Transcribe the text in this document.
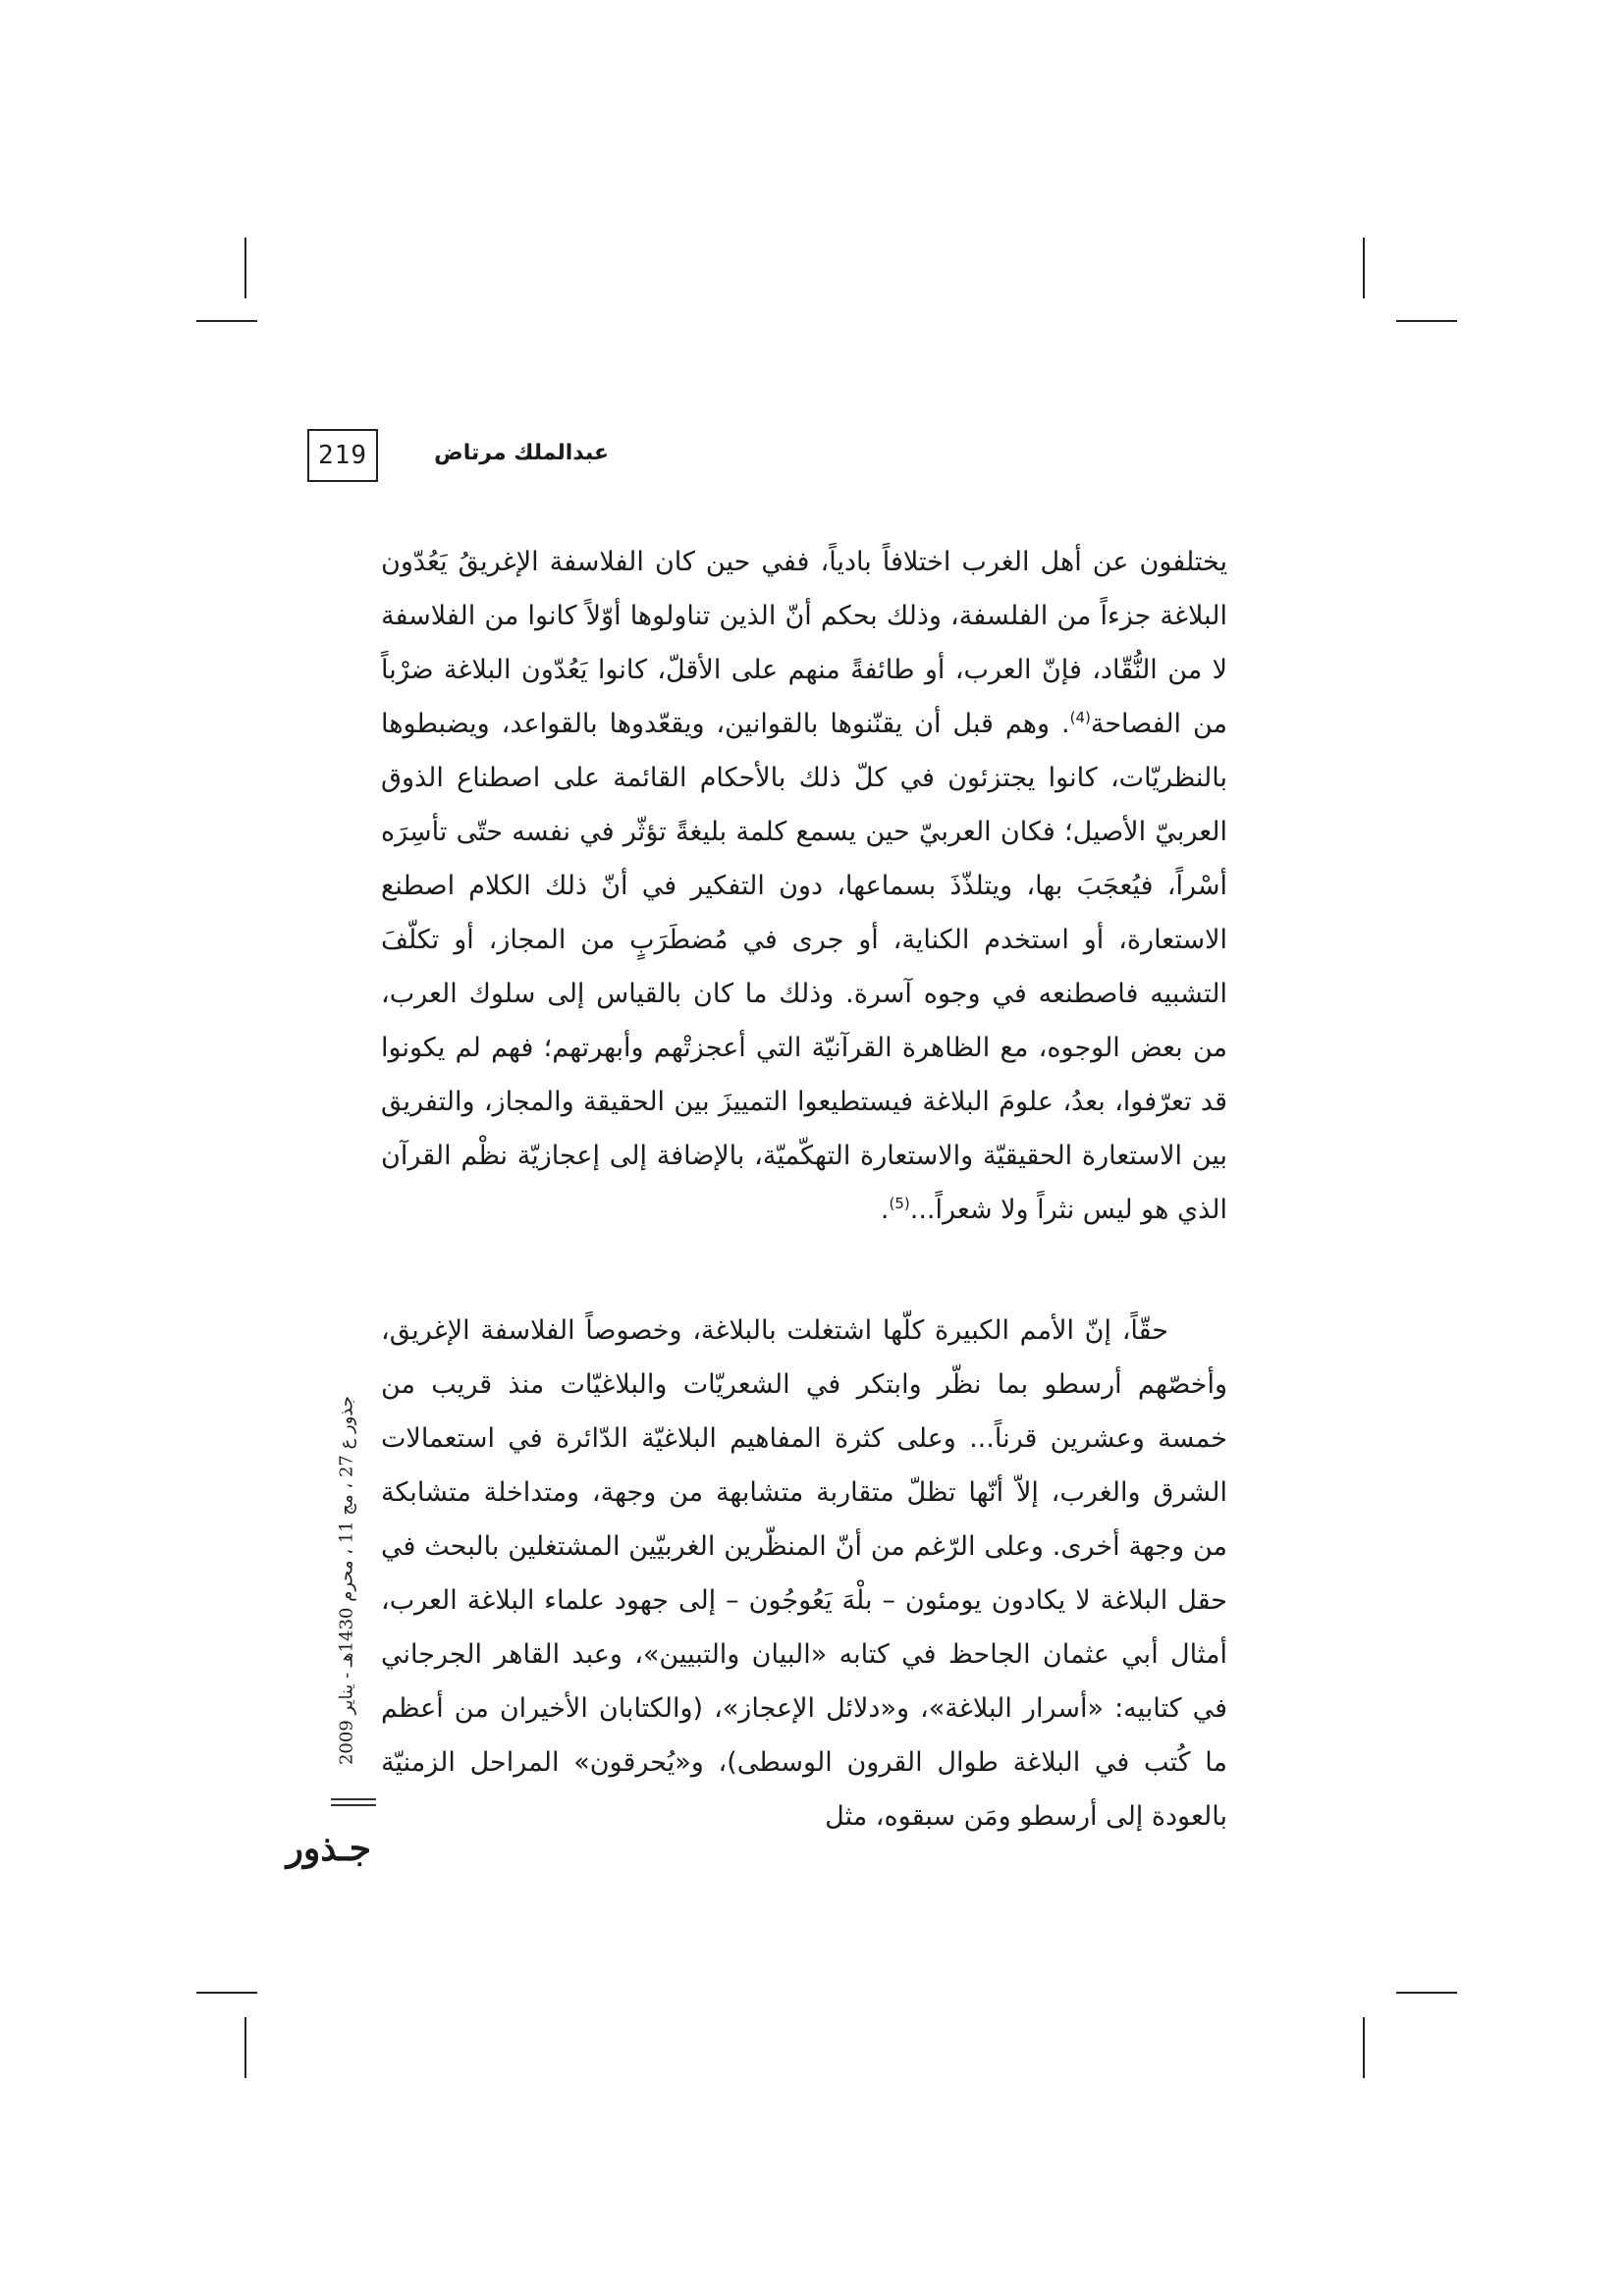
219	عبدالملك مرتاض

يختلفون عن أهل الغرب اختلافاً بادياً، ففي حين كان الفلاسفة الإغريقُ يَعُدّون البلاغة جزءاً من الفلسفة، وذلك بحكم أنّ الذين تناولوها أوّلاً كانوا من الفلاسفة لا من النُّقّاد، فإنّ العرب، أو طائفةً منهم على الأقلّ، كانوا يَعُدّون البلاغة ضرْباً من الفصاحة$^{(4)}$. وهم قبل أن يقنّنوها بالقوانين، ويقعّدوها بالقواعد، ويضبطوها بالنظريّات، كانوا يجتزئون في كلّ ذلك بالأحكام القائمة على اصطناع الذوق العربيّ الأصيل؛ فكان العربيّ حين يسمع كلمة بليغةً تؤثّر في نفسه حتّى تأسِرَه أسْراً، فيُعجَبَ بها، ويتلذّذَ بسماعها، دون التفكير في أنّ ذلك الكلام اصطنع الاستعارة، أو استخدم الكناية، أو جرى في مُضطَرَبٍ من المجاز، أو تكلّفَ التشبيه فاصطنعه في وجوه آسرة. وذلك ما كان بالقياس إلى سلوك العرب، من بعض الوجوه، مع الظاهرة القرآنيّة التي أعجزتْهم وأبهرتهم؛ فهم لم يكونوا قد تعرّفوا، بعدُ، علومَ البلاغة فيستطيعوا التمييزَ بين الحقيقة والمجاز، والتفريق بين الاستعارة الحقيقيّة والاستعارة التهكّميّة، بالإضافة إلى إعجازيّة نظْم القرآن الذي هو ليس نثراً ولا شعراً...$^{(5)}$.

حقّاً، إنّ الأمم الكبيرة كلّها اشتغلت بالبلاغة، وخصوصاً الفلاسفة الإغريق، وأخصّهم أرسطو بما نظّر وابتكر في الشعريّات والبلاغيّات منذ قريب من خمسة وعشرين قرناً... وعلى كثرة المفاهيم البلاغيّة الدّائرة في استعمالات الشرق والغرب، إلاّ أنّها تظلّ متقاربة متشابهة من وجهة، ومتداخلة متشابكة من وجهة أخرى. وعلى الرّغم من أنّ المنظّرين الغربيّين المشتغلين بالبحث في حقل البلاغة لا يكادون يومئون – بلْهَ يَعُوجُون – إلى جهود علماء البلاغة العرب، أمثال أبي عثمان الجاحظ في كتابه «البيان والتبيين»، وعبد القاهر الجرجاني في كتابيه: «أسرار البلاغة»، و«دلائل الإعجاز»، (والكتابان الأخيران من أعظم ما كُتب في البلاغة طوال القرون الوسطى)، و«يُحرقون» المراحل الزمنيّة بالعودة إلى أرسطو ومَن سبقوه، مثل

جذور ع 27 ، مج 11 ، محرم 1430هـ - يناير 2009
جـذور
